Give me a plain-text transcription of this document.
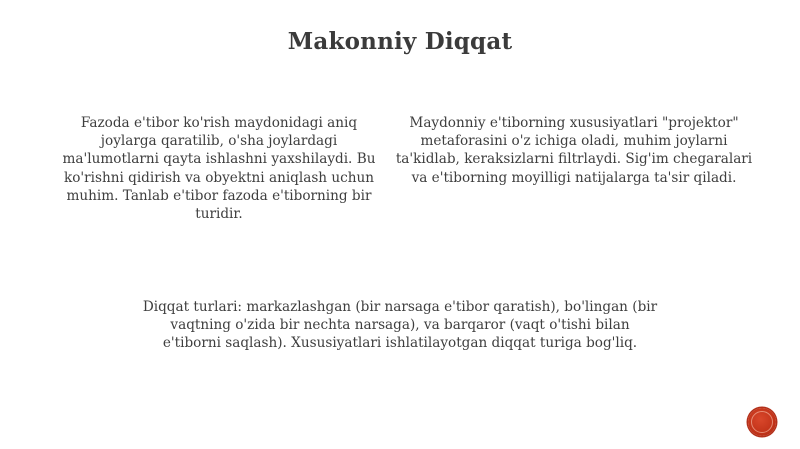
Makonniy Diqqat
Fazoda e'tibor ko'rish maydonidagi aniq joylarga qaratilib, o'sha joylardagi ma'lumotlarni qayta ishlashni yaxshilaydi. Bu ko'rishni qidirish va obyektni aniqlash uchun muhim. Tanlab e'tibor fazoda e'tiborning bir turidir.
Maydonniy e'tiborning xususiyatlari "projektor" metaforasini o'z ichiga oladi, muhim joylarni ta'kidlab, keraksizlarni filtrlaydi. Sig'im chegaralari va e'tiborning moyilligi natijalarga ta'sir qiladi.
Diqqat turlari: markazlashgan (bir narsaga e'tibor qaratish), bo'lingan (bir vaqtning o'zida bir nechta narsaga), va barqaror (vaqt o'tishi bilan e'tiborni saqlash). Xususiyatlari ishlatilayotgan diqqat turiga bog'liq.
